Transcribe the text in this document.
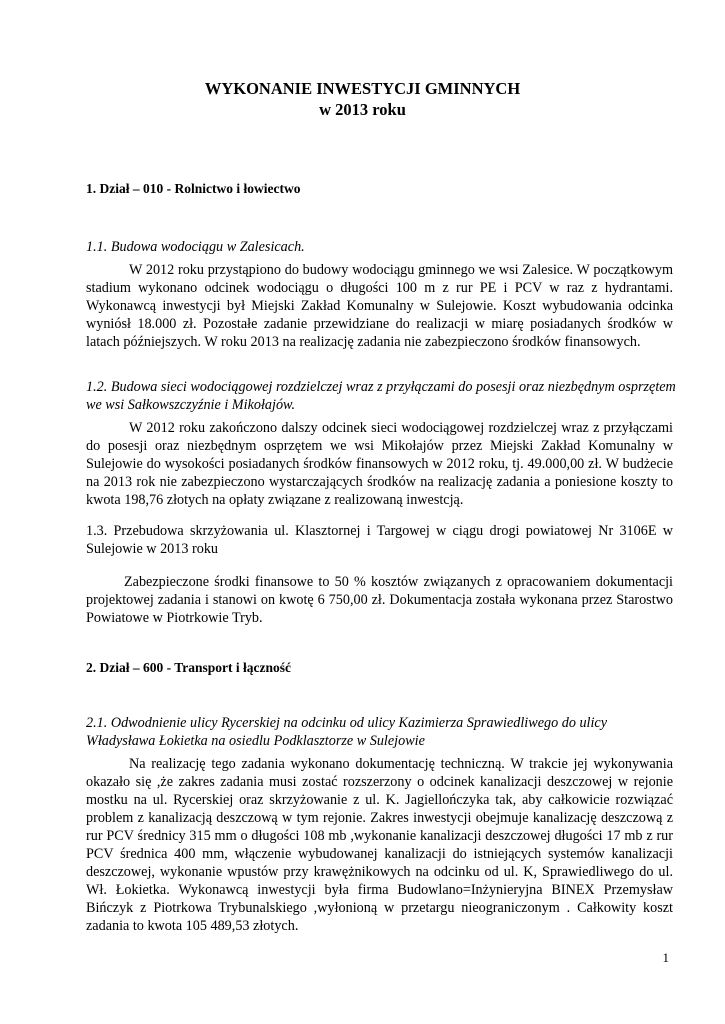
WYKONANIE INWESTYCJI GMINNYCH
w 2013 roku
1. Dział – 010 - Rolnictwo i łowiectwo
1.1. Budowa wodociągu w Zalesicach.
W 2012 roku przystąpiono do budowy wodociągu gminnego we wsi Zalesice. W początkowym stadium wykonano odcinek wodociągu o długości 100 m z rur PE i PCV w raz z hydrantami. Wykonawcą inwestycji był Miejski Zakład Komunalny w Sulejowie. Koszt wybudowania odcinka wyniósł 18.000 zł. Pozostałe zadanie przewidziane do realizacji w miarę posiadanych środków w latach późniejszych. W roku 2013 na realizację zadania nie zabezpieczono środków finansowych.
1.2. Budowa sieci wodociągowej rozdzielczej wraz z przyłączami do posesji oraz niezbędnym osprzętem we wsi Sałkowszczyźnie i Mikołajów.
W 2012 roku zakończono dalszy odcinek sieci wodociągowej rozdzielczej wraz z przyłączami do posesji oraz niezbędnym osprzętem we wsi Mikołajów przez Miejski Zakład Komunalny w Sulejowie do wysokości posiadanych środków finansowych w 2012 roku, tj. 49.000,00 zł. W budżecie na 2013 rok nie zabezpieczono wystarczających środków na realizację zadania a poniesione koszty to kwota 198,76 złotych na opłaty związane z realizowaną inwestcją.
1.3. Przebudowa skrzyżowania ul. Klasztornej i Targowej w ciągu drogi powiatowej Nr 3106E w Sulejowie w 2013 roku
Zabezpieczone środki finansowe to 50 % kosztów związanych z opracowaniem dokumentacji projektowej zadania i stanowi on kwotę 6 750,00 zł. Dokumentacja została wykonana przez Starostwo Powiatowe w Piotrkowie Tryb.
2. Dział – 600 - Transport i łączność
2.1. Odwodnienie ulicy Rycerskiej na odcinku od ulicy Kazimierza Sprawiedliwego do ulicy Władysława Łokietka na osiedlu Podklasztorze w Sulejowie
Na realizację tego zadania wykonano dokumentację techniczną. W trakcie jej wykonywania okazało się ,że zakres zadania musi zostać rozszerzony o odcinek kanalizacji deszczowej w rejonie mostku na ul. Rycerskiej oraz skrzyżowanie z ul. K. Jagiellończyka tak, aby całkowicie rozwiązać problem z kanalizacją deszczową w tym rejonie. Zakres inwestycji obejmuje kanalizację deszczową z rur PCV średnicy 315 mm o długości 108 mb ,wykonanie kanalizacji deszczowej długości 17 mb z rur PCV średnica 400 mm, włączenie wybudowanej kanalizacji do istniejących systemów kanalizacji deszczowej, wykonanie wpustów przy krawężnikowych na odcinku od ul. K, Sprawiedliwego do ul. Wł. Łokietka. Wykonawcą inwestycji była firma Budowlano=Inżynieryjna BINEX Przemysław Bińczyk z Piotrkowa Trybunalskiego ,wyłonioną w przetargu nieograniczonym . Całkowity koszt zadania to kwota 105 489,53 złotych.
1
